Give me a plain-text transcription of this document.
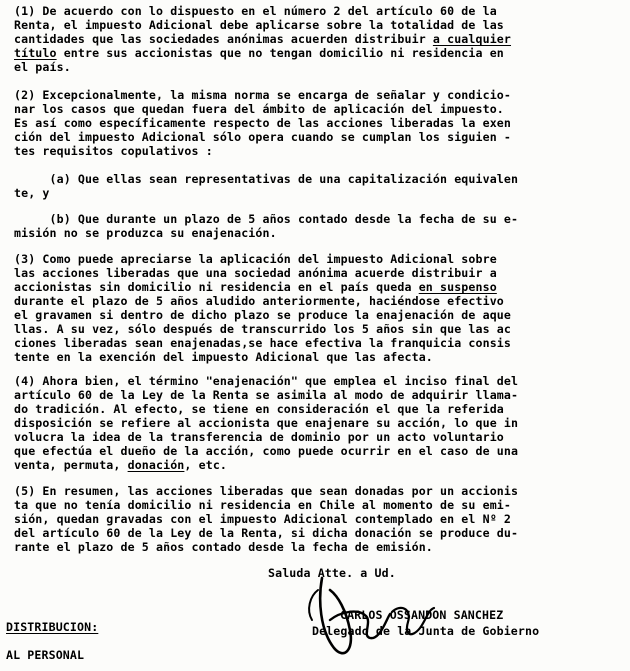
(1) De acuerdo con lo dispuesto en el número 2 del artículo 60 de la

Renta, el impuesto Adicional debe aplicarse sobre la totalidad de las

cantidades que las sociedades anónimas acuerden distribuir a cualquier

título entre sus accionistas que no tengan domicilio ni residencia en

el país.

(2) Excepcionalmente, la misma norma se encarga de señalar y condicio-

nar los casos que quedan fuera del ámbito de aplicación del impuesto.

Es así como específicamente respecto de las acciones liberadas la exen

ción del impuesto Adicional sólo opera cuando se cumplan los siguien -

tes requisitos copulativos :

(a) Que ellas sean representativas de una capitalización equivalen

te, y

(b) Que durante un plazo de 5 años contado desde la fecha de su e-

misión no se produzca su enajenación.

(3) Como puede apreciarse la aplicación del impuesto Adicional sobre

las acciones liberadas que una sociedad anónima acuerde distribuir a

accionistas sin domicilio ni residencia en el país queda en suspenso

durante el plazo de 5 años aludido anteriormente, haciéndose efectivo

el gravamen si dentro de dicho plazo se produce la enajenación de aque

llas. A su vez, sólo después de transcurrido los 5 años sin que las ac

ciones liberadas sean enajenadas,se hace efectiva la franquicia consis

tente en la exención del impuesto Adicional que las afecta.

(4) Ahora bien, el término "enajenación" que emplea el inciso final del

artículo 60 de la Ley de la Renta se asimila al modo de adquirir llama-

do tradición. Al efecto, se tiene en consideración el que la referida

disposición se refiere al accionista que enajenare su acción, lo que in

volucra la idea de la transferencia de dominio por un acto voluntario

que efectúa el dueño de la acción, como puede ocurrir en el caso de una

venta, permuta, donación, etc.

(5) En resumen, las acciones liberadas que sean donadas por un accionis

ta que no tenía domicilio ni residencia en Chile al momento de su emi-

sión, quedan gravadas con el impuesto Adicional contemplado en el Nº 2

del artículo 60 de la Ley de la Renta, si dicha donación se produce du-

rante el plazo de 5 años contado desde la fecha de emisión.

Saluda Atte. a Ud.

CARLOS OSSANDON SANCHEZ

Delegado de la Junta de Gobierno

DISTRIBUCION:

AL PERSONAL
